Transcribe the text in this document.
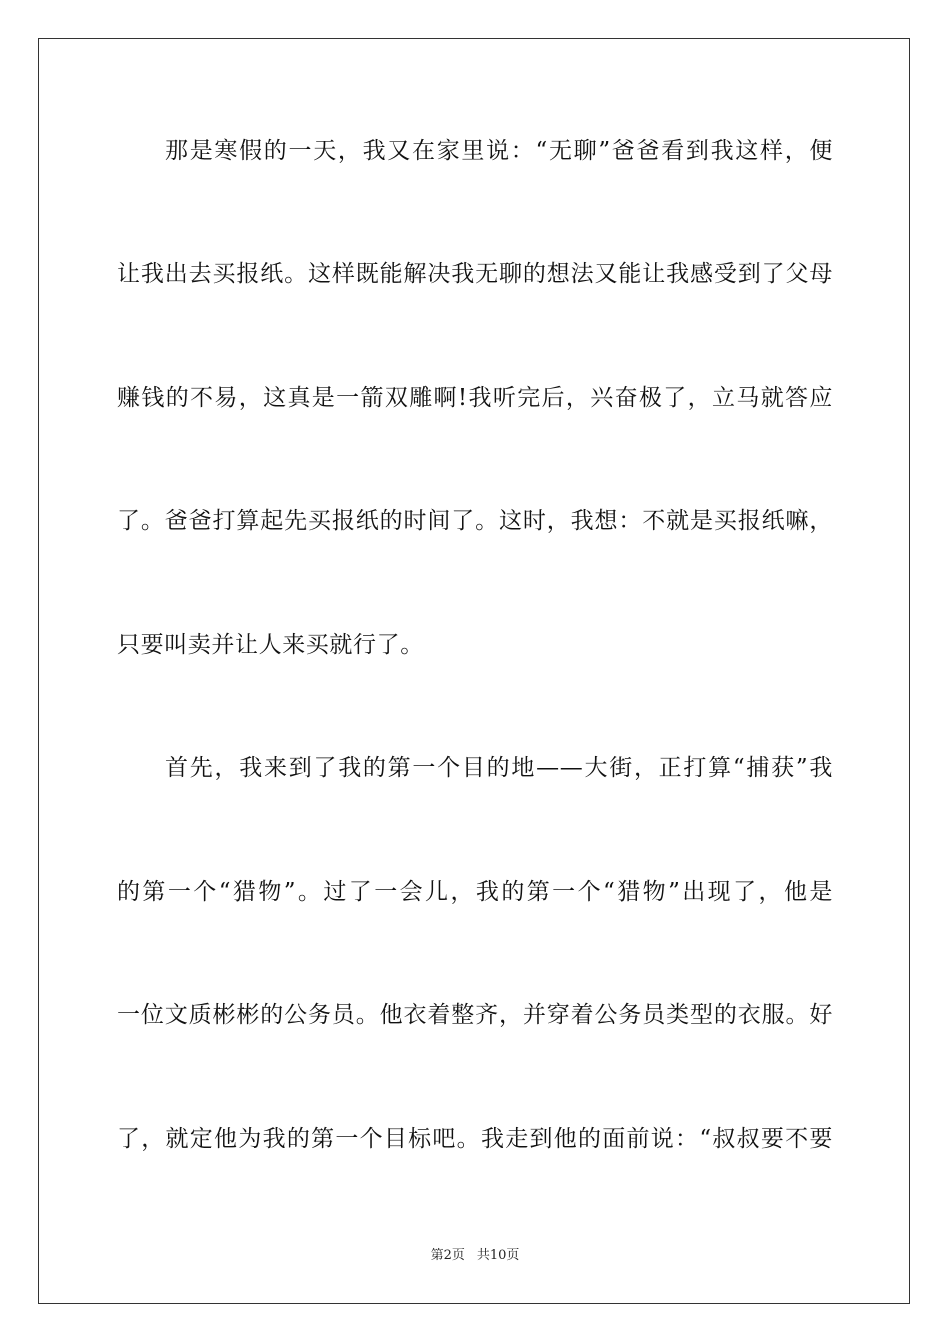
那是寒假的一天，我又在家里说：“无聊”爸爸看到我这样，便
让我出去买报纸。这样既能解决我无聊的想法又能让我感受到了父母
赚钱的不易，这真是一箭双雕啊!我听完后，兴奋极了，立马就答应
了。爸爸打算起先买报纸的时间了。这时，我想：不就是买报纸嘛，
只要叫卖并让人来买就行了。
首先，我来到了我的第一个目的地——大街，正打算“捕获”我
的第一个“猎物”。过了一会儿，我的第一个“猎物”出现了，他是
一位文质彬彬的公务员。他衣着整齐，并穿着公务员类型的衣服。好
了，就定他为我的第一个目标吧。我走到他的面前说：“叔叔要不要
第2页 共10页
